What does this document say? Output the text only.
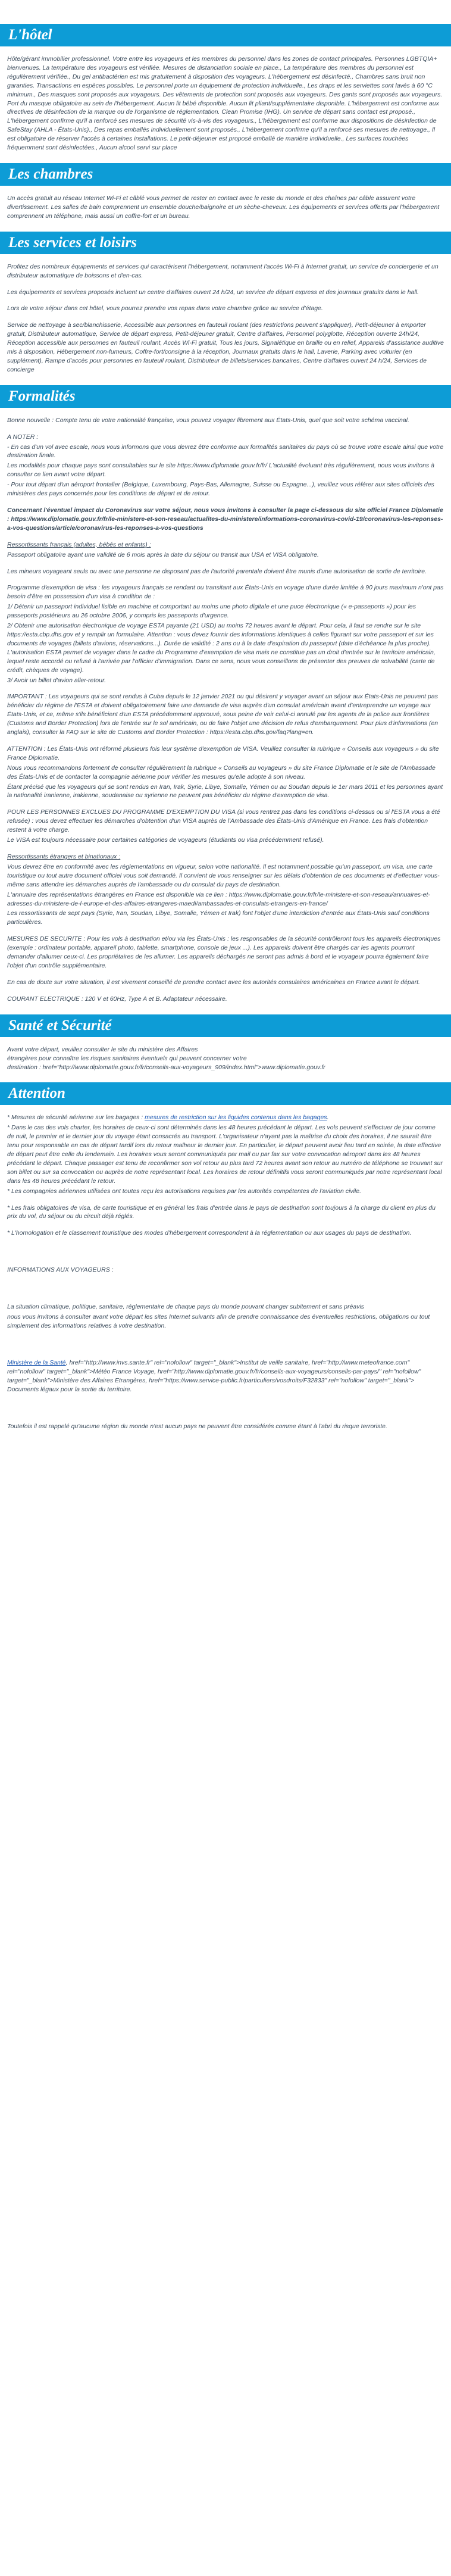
L'hôtel

Hôte/gérant immobilier professionnel. Votre entre les voyageurs et les membres du personnel dans les zones de contact principales. Personnes LGBTQIA+ bienvenues. La température des voyageurs est vérifiée. Mesures de distanciation sociale en place., La température des membres du personnel est régulièrement vérifiée., Du gel antibactérien est mis gratuitement à disposition des voyageurs. L'hébergement est désinfecté., Chambres sans bruit non garanties. Transactions en espèces possibles. Le personnel porte un équipement de protection individuelle., Les draps et les serviettes sont lavés à 60 °C minimum., Des masques sont proposés aux voyageurs. Des vêtements de protection sont proposés aux voyageurs. Des gants sont proposés aux voyageurs. Port du masque obligatoire au sein de l'hébergement. Aucun lit bébé disponible. Aucun lit pliant/supplémentaire disponible. L'hébergement est conforme aux directives de désinfection de la marque ou de l'organisme de réglementation. Clean Promise (IHG). Un service de départ sans contact est proposé., L'hébergement confirme qu'il a renforcé ses mesures de sécurité vis-à-vis des voyageurs., L'hébergement est conforme aux dispositions de désinfection de SafeStay (AHLA - États-Unis)., Des repas emballés individuellement sont proposés., L'hébergement confirme qu'il a renforcé ses mesures de nettoyage., Il est obligatoire de réserver l'accès à certaines installations. Le petit-déjeuner est proposé emballé de manière individuelle., Les surfaces touchées fréquemment sont désinfectées., Aucun alcool servi sur place

Les chambres

Un accès gratuit au réseau Internet Wi-Fi et câblé vous permet de rester en contact avec le reste du monde et des chaînes par câble assurent votre divertissement. Les salles de bain comprennent un ensemble douche/baignoire et un sèche-cheveux. Les équipements et services offerts par l'hébergement comprennent un téléphone, mais aussi un coffre-fort et un bureau.

Les services et loisirs

Profitez des nombreux équipements et services qui caractérisent l'hébergement, notamment l'accès Wi-Fi à Internet gratuit, un service de conciergerie et un distributeur automatique de boissons et d'en-cas.

Les équipements et services proposés incluent un centre d'affaires ouvert 24 h/24, un service de départ express et des journaux gratuits dans le hall.

Lors de votre séjour dans cet hôtel, vous pourrez prendre vos repas dans votre chambre grâce au service d'étage.

Service de nettoyage à sec/blanchisserie, Accessible aux personnes en fauteuil roulant (des restrictions peuvent s'appliquer), Petit-déjeuner à emporter gratuit, Distributeur automatique, Service de départ express, Petit-déjeuner gratuit, Centre d'affaires, Personnel polyglotte, Réception ouverte 24h/24, Réception accessible aux personnes en fauteuil roulant, Accès Wi-Fi gratuit, Tous les jours, Signalétique en braille ou en relief, Appareils d'assistance auditive mis à disposition, Hébergement non-fumeurs, Coffre-fort/consigne à la réception, Journaux gratuits dans le hall, Laverie, Parking avec voiturier (en supplément), Rampe d'accès pour personnes en fauteuil roulant, Distributeur de billets/services bancaires, Centre d'affaires ouvert 24 h/24, Services de concierge

Formalités

Bonne nouvelle : Compte tenu de votre nationalité française, vous pouvez voyager librement aux États-Unis, quel que soit votre schéma vaccinal.

A NOTER :

- En cas d'un vol avec escale, nous vous informons que vous devrez être conforme aux formalités sanitaires du pays où se trouve votre escale ainsi que votre destination finale.

Les modalités pour chaque pays sont consultables sur le site https://www.diplomatie.gouv.fr/fr/ L'actualité évoluant très régulièrement, nous vous invitons à consulter ce lien avant votre départ.

- Pour tout départ d'un aéroport frontalier (Belgique, Luxembourg, Pays-Bas, Allemagne, Suisse ou Espagne...), veuillez vous référer aux sites officiels des ministères des pays concernés pour les conditions de départ et de retour.

Concernant l'éventuel impact du Coronavirus sur votre séjour, nous vous invitons à consulter la page ci-dessous du site officiel France Diplomatie : https://www.diplomatie.gouv.fr/fr/le-ministere-et-son-reseau/actualites-du-ministere/informations-coronavirus-covid-19/coronavirus-les-reponses-a-vos-questions/article/coronavirus-les-reponses-a-vos-questions

Ressortissants français (adultes, bébés et enfants) :

Passeport obligatoire ayant une validité de 6 mois après la date du séjour ou transit aux USA et VISA obligatoire.

Les mineurs voyageant seuls ou avec une personne ne disposant pas de l'autorité parentale doivent être munis d'une autorisation de sortie de territoire.

Programme d'exemption de visa : les voyageurs français se rendant ou transitant aux États-Unis en voyage d'une durée limitée à 90 jours maximum n'ont pas besoin d'être en possession d'un visa à condition de :

1/ Détenir un passeport individuel lisible en machine et comportant au moins une photo digitale et une puce électronique (« e-passeports ») pour les passeports postérieurs au 26 octobre 2006, y compris les passeports d'urgence.

2/ Obtenir une autorisation électronique de voyage ESTA payante (21 USD) au moins 72 heures avant le départ. Pour cela, il faut se rendre sur le site https://esta.cbp.dhs.gov et y remplir un formulaire. Attention : vous devez fournir des informations identiques à celles figurant sur votre passeport et sur les documents de voyages (billets d'avions, réservations...). Durée de validité : 2 ans ou à la date d'expiration du passeport (date d'échéance la plus proche). L'autorisation ESTA permet de voyager dans le cadre du Programme d'exemption de visa mais ne constitue pas un droit d'entrée sur le territoire américain, lequel reste accordé ou refusé à l'arrivée par l'officier d'immigration. Dans ce sens, nous vous conseillons de présenter des preuves de solvabilité (carte de crédit, chèques de voyage).

3/ Avoir un billet d'avion aller-retour.

IMPORTANT : Les voyageurs qui se sont rendus à Cuba depuis le 12 janvier 2021 ou qui désirent y voyager avant un séjour aux États-Unis ne peuvent pas bénéficier du régime de l'ESTA et doivent obligatoirement faire une demande de visa auprès d'un consulat américain avant d'entreprendre un voyage aux États-Unis, et ce, même s'ils bénéficient d'un ESTA précédemment approuvé, sous peine de voir celui-ci annulé par les agents de la police aux frontières (Customs and Border Protection) lors de l'entrée sur le sol américain, ou de faire l'objet une décision de refus d'embarquement. Pour plus d'informations (en anglais), consulter la FAQ sur le site de Customs and Border Protection : https://esta.cbp.dhs.gov/faq?lang=en.

ATTENTION : Les États-Unis ont réformé plusieurs fois leur système d'exemption de VISA. Veuillez consulter la rubrique « Conseils aux voyageurs » du site France Diplomatie.

Nous vous recommandons fortement de consulter régulièrement la rubrique « Conseils au voyageurs » du site France Diplomatie et le site de l'Ambassade des États-Unis et de contacter la compagnie aérienne pour vérifier les mesures qu'elle adopte à son niveau.

Étant précisé que les voyageurs qui se sont rendus en Iran, Irak, Syrie, Libye, Somalie, Yémen ou au Soudan depuis le 1er mars 2011 et les personnes ayant la nationalité iranienne, irakienne, soudanaise ou syrienne ne peuvent pas bénéficier du régime d'exemption de visa.

POUR LES PERSONNES EXCLUES DU PROGRAMME D'EXEMPTION DU VISA (si vous rentrez pas dans les conditions ci-dessus ou si l'ESTA vous a été refusée) : vous devez effectuer les démarches d'obtention d'un VISA auprès de l'Ambassade des États-Unis d'Amérique en France. Les frais d'obtention restent à votre charge.

Le VISA est toujours nécessaire pour certaines catégories de voyageurs (étudiants ou visa précédemment refusé).

Ressortissants étrangers et binationaux :

Vous devrez être en conformité avec les réglementations en vigueur, selon votre nationalité. Il est notamment possible qu'un passeport, un visa, une carte touristique ou tout autre document officiel vous soit demandé. Il convient de vous renseigner sur les délais d'obtention de ces documents et d'effectuer vous-même sans attendre les démarches auprès de l'ambassade ou du consulat du pays de destination.

L'annuaire des représentations étrangères en France est disponible via ce lien : https://www.diplomatie.gouv.fr/fr/le-ministere-et-son-reseau/annuaires-et-adresses-du-ministere-de-l-europe-et-des-affaires-etrangeres-maedi/ambassades-et-consulats-etrangers-en-france/

Les ressortissants de sept pays (Syrie, Iran, Soudan, Libye, Somalie, Yémen et Irak) font l'objet d'une interdiction d'entrée aux États-Unis sauf conditions particulières.

MESURES DE SECURITE : Pour les vols à destination et/ou via les États-Unis : les responsables de la sécurité contrôleront tous les appareils électroniques (exemple : ordinateur portable, appareil photo, tablette, smartphone, console de jeux ...). Les appareils doivent être chargés car les agents pourront demander d'allumer ceux-ci. Les propriétaires de les allumer. Les appareils déchargés ne seront pas admis à bord et le voyageur pourra également faire l'objet d'un contrôle supplémentaire.

En cas de doute sur votre situation, il est vivement conseillé de prendre contact avec les autorités consulaires américaines en France avant le départ.

COURANT ELECTRIQUE : 120 V et 60Hz, Type A et B. Adaptateur nécessaire.

Santé et Sécurité

Avant votre départ, veuillez consulter le site du ministère des Affaires

étrangères pour connaître les risques sanitaires éventuels qui peuvent concerner votre

destination : href="http://www.diplomatie.gouv.fr/fr/conseils-aux-voyageurs_909/index.html">www.diplomatie.gouv.fr

Attention

* Mesures de sécurité aérienne sur les bagages : mesures de restriction sur les liquides contenus dans les bagages.

* Dans le cas des vols charter, les horaires de ceux-ci sont déterminés dans les 48 heures précédant le départ. Les vols peuvent s'effectuer de jour comme de nuit, le premier et le dernier jour du voyage étant consacrés au transport. L'organisateur n'ayant pas la maîtrise du choix des horaires, il ne saurait être tenu pour responsable en cas de départ tardif lors du retour malheur le dernier jour. En particulier, le départ peuvent avoir lieu tard en soirée, la date effective de départ peut être celle du lendemain. Les horaires vous seront communiqués par mail ou par fax sur votre convocation aéroport dans les 48 heures précédant le départ. Chaque passager est tenu de reconfirmer son vol retour au plus tard 72 heures avant son retour au numéro de téléphone se trouvant sur son billet ou sur sa convocation ou auprès de notre représentant local. Les horaires de retour définitifs vous seront communiqués par notre représentant local dans les 48 heures précédant le retour.

* Les compagnies aériennes utilisées ont toutes reçu les autorisations requises par les autorités compétentes de l'aviation civile.

* Les frais obligatoires de visa, de carte touristique et en général les frais d'entrée dans le pays de destination sont toujours à la charge du client en plus du prix du vol, du séjour ou du circuit déjà réglés.

* L'homologation et le classement touristique des modes d'hébergement correspondent à la réglementation ou aux usages du pays de destination.

INFORMATIONS AUX VOYAGEURS :

La situation climatique, politique, sanitaire, réglementaire de chaque pays du monde pouvant changer subitement et sans préavis

nous vous invitons à consulter avant votre départ les sites Internet suivants afin de prendre connaissance des éventuelles restrictions, obligations ou tout simplement des informations relatives à votre destination.

Ministère de la Santé, href="http://www.invs.sante.fr" rel="nofollow" target="_blank">Institut de veille sanitaire, href="http://www.meteofrance.com" rel="nofollow" target="_blank">Météo France Voyage, href="http://www.diplomatie.gouv.fr/fr/conseils-aux-voyageurs/conseils-par-pays/" rel="nofollow" target="_blank">Ministère des Affaires Etrangères, href="https://www.service-public.fr/particuliers/vosdroits/F32833" rel="nofollow" target="_blank"> Documents légaux pour la sortie du territoire.

Toutefois il est rappelé qu'aucune région du monde n'est aucun pays ne peuvent être considérés comme étant à l'abri du risque terroriste.
